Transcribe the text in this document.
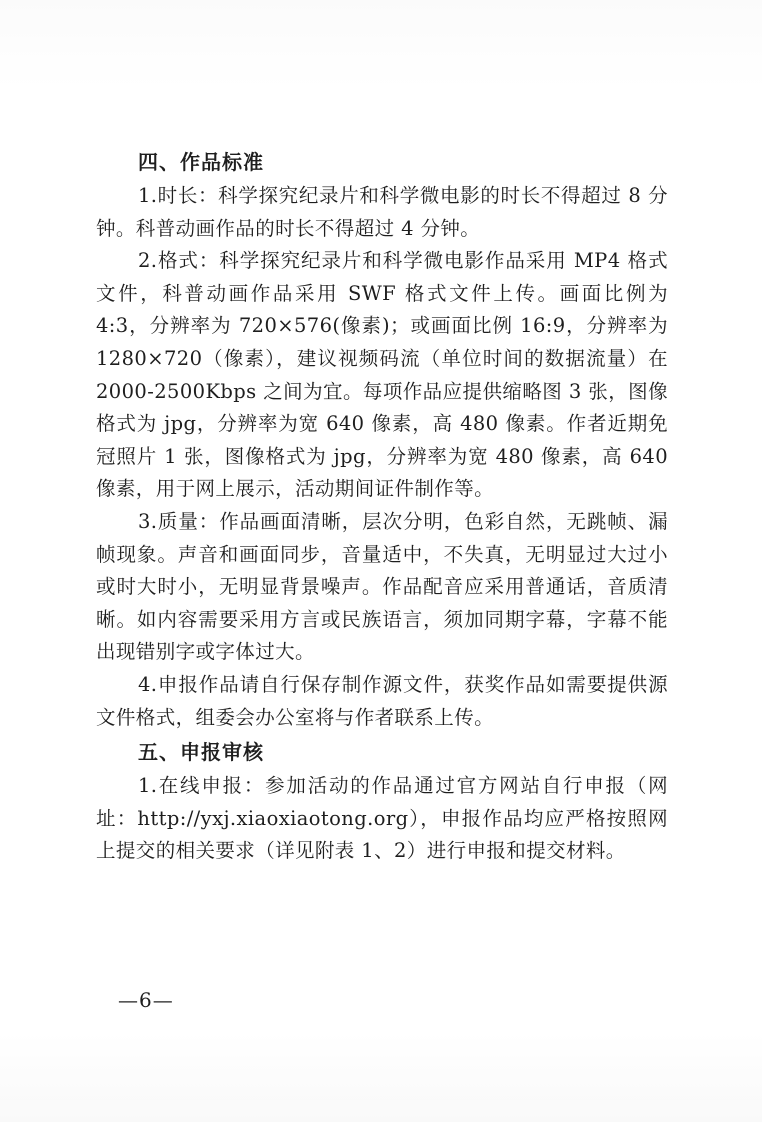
四、作品标准

1.时长：科学探究纪录片和科学微电影的时长不得超过 8 分钟。科普动画作品的时长不得超过 4 分钟。

2.格式：科学探究纪录片和科学微电影作品采用 MP4 格式文件，科普动画作品采用 SWF 格式文件上传。画面比例为 4:3，分辨率为 720×576(像素)；或画面比例 16:9，分辨率为 1280×720（像素），建议视频码流（单位时间的数据流量）在 2000-2500Kbps 之间为宜。每项作品应提供缩略图 3 张，图像格式为 jpg，分辨率为宽 640 像素，高 480 像素。作者近期免冠照片 1 张，图像格式为 jpg，分辨率为宽 480 像素，高 640 像素，用于网上展示，活动期间证件制作等。

3.质量：作品画面清晰，层次分明，色彩自然，无跳帧、漏帧现象。声音和画面同步，音量适中，不失真，无明显过大过小或时大时小，无明显背景噪声。作品配音应采用普通话，音质清晰。如内容需要采用方言或民族语言，须加同期字幕，字幕不能出现错别字或字体过大。

4.申报作品请自行保存制作源文件，获奖作品如需要提供源文件格式，组委会办公室将与作者联系上传。

五、申报审核

1.在线申报：参加活动的作品通过官方网站自行申报（网址：http://yxj.xiaoxiaotong.org），申报作品均应严格按照网上提交的相关要求（详见附表 1、2）进行申报和提交材料。

—6—
